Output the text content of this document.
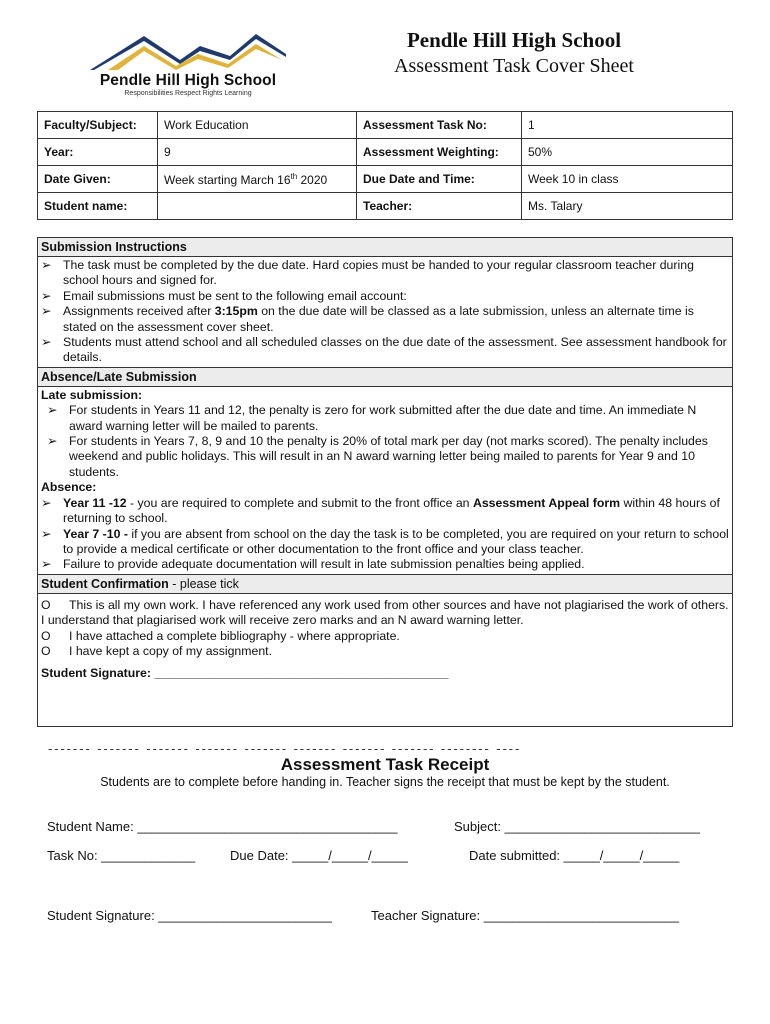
Pendle Hill High School
Responsibilities Respect Rights Learning
Pendle Hill High School
Assessment Task Cover Sheet
Faculty/Subject:	Work Education	Assessment Task No:	1
Year:	9	Assessment Weighting:	50%
Date Given:	Week starting March 16th 2020	Due Date and Time:	Week 10 in class
Student name:		Teacher:	Ms. Talary
Submission Instructions
➢ The task must be completed by the due date. Hard copies must be handed to your regular classroom teacher during school hours and signed for.
➢ Email submissions must be sent to the following email account:
➢ Assignments received after 3:15pm on the due date will be classed as a late submission, unless an alternate time is stated on the assessment cover sheet.
➢ Students must attend school and all scheduled classes on the due date of the assessment. See assessment handbook for details.
Absence/Late Submission
Late submission:
➢ For students in Years 11 and 12, the penalty is zero for work submitted after the due date and time. An immediate N award warning letter will be mailed to parents.
➢ For students in Years 7, 8, 9 and 10 the penalty is 20% of total mark per day (not marks scored). The penalty includes weekend and public holidays. This will result in an N award warning letter being mailed to parents for Year 9 and 10 students.
Absence:
➢ Year 11 -12 - you are required to complete and submit to the front office an Assessment Appeal form within 48 hours of returning to school.
➢ Year 7 -10 - if you are absent from school on the day the task is to be completed, you are required on your return to school to provide a medical certificate or other documentation to the front office and your class teacher.
➢ Failure to provide adequate documentation will result in late submission penalties being applied.
Student Confirmation - please tick
O This is all my own work. I have referenced any work used from other sources and have not plagiarised the work of others. I understand that plagiarised work will receive zero marks and an N award warning letter.
O	I have attached a complete bibliography - where appropriate.
O	I have kept a copy of my assignment.
Student Signature: ___________________________________________
------- ------- ------- ------- ------- ------- ------- ------- -------- ----
Assessment Task Receipt
Students are to complete before handing in. Teacher signs the receipt that must be kept by the student.
Student Name: ____________________________________	Subject: ___________________________
Task No: _____________	Due Date: _____/_____/_____	Date submitted: _____/_____/_____
Student Signature: ________________________	Teacher Signature: ___________________________
